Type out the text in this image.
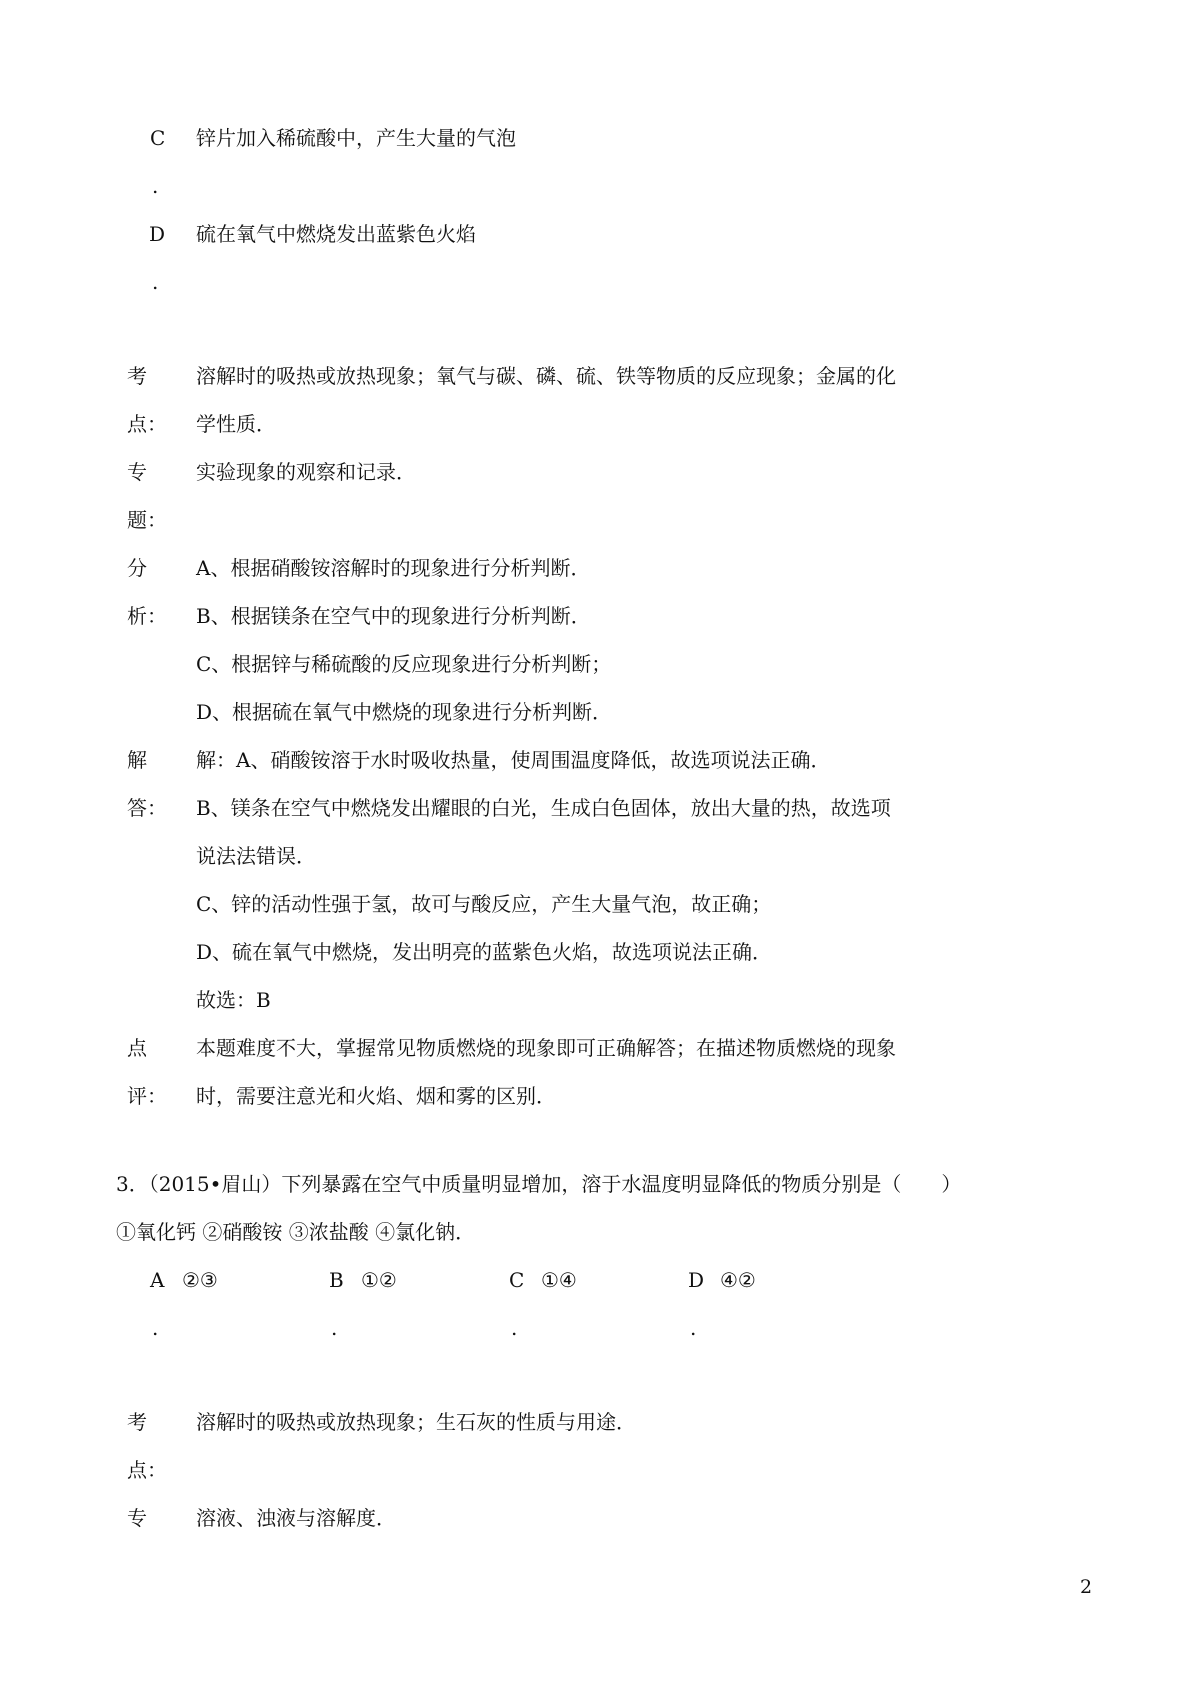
C 锌片加入稀硫酸中，产生大量的气泡
.
D 硫在氧气中燃烧发出蓝紫色火焰
.
考 溶解时的吸热或放热现象；氧气与碳、磷、硫、铁等物质的反应现象；金属的化
点： 学性质．
专 实验现象的观察和记录．
题：
分 A、根据硝酸铵溶解时的现象进行分析判断．
析： B、根据镁条在空气中的现象进行分析判断．
C、根据锌与稀硫酸的反应现象进行分析判断；
D、根据硫在氧气中燃烧的现象进行分析判断．
解 解：A、硝酸铵溶于水时吸收热量，使周围温度降低，故选项说法正确．
答： B、镁条在空气中燃烧发出耀眼的白光，生成白色固体，放出大量的热，故选项
说法法错误．
C、锌的活动性强于氢，故可与酸反应，产生大量气泡，故正确；
D、硫在氧气中燃烧，发出明亮的蓝紫色火焰，故选项说法正确．
故选：B
点 本题难度不大，掌握常见物质燃烧的现象即可正确解答；在描述物质燃烧的现象
评： 时，需要注意光和火焰、烟和雾的区别．
3．（2015•眉山）下列暴露在空气中质量明显增加，溶于水温度明显降低的物质分别是（　　）
①氧化钙 ②硝酸铵 ③浓盐酸 ④氯化钠．
A ②③
.
B ①②
.
C ①④
.
D ④②
.
考 溶解时的吸热或放热现象；生石灰的性质与用途．
点：
专 溶液、浊液与溶解度．
2
